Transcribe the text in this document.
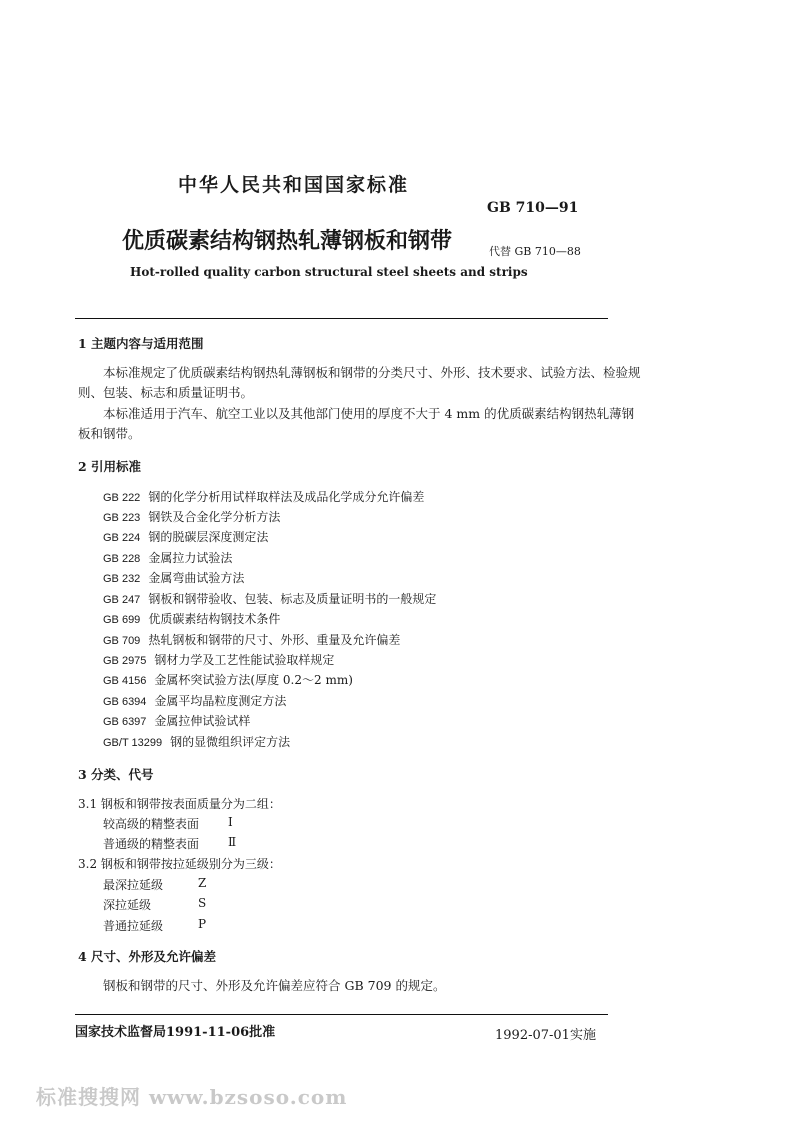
中华人民共和国国家标准
GB 710—91
优质碳素结构钢热轧薄钢板和钢带	代替 GB 710—88
Hot-rolled quality carbon structural steel sheets and strips
1 主题内容与适用范围
本标准规定了优质碳素结构钢热轧薄钢板和钢带的分类尺寸、外形、技术要求、试验方法、检验规
则、包装、标志和质量证明书。
本标准适用于汽车、航空工业以及其他部门使用的厚度不大于 4 mm 的优质碳素结构钢热轧薄钢
板和钢带。
2 引用标准
GB 222 钢的化学分析用试样取样法及成品化学成分允许偏差
GB 223 钢铁及合金化学分析方法
GB 224 钢的脱碳层深度测定法
GB 228 金属拉力试验法
GB 232 金属弯曲试验方法
GB 247 钢板和钢带验收、包装、标志及质量证明书的一般规定
GB 699 优质碳素结构钢技术条件
GB 709 热轧钢板和钢带的尺寸、外形、重量及允许偏差
GB 2975 钢材力学及工艺性能试验取样规定
GB 4156 金属杯突试验方法(厚度 0.2～2 mm)
GB 6394 金属平均晶粒度测定方法
GB 6397 金属拉伸试验试样
GB/T 13299 钢的显微组织评定方法
3 分类、代号
3.1 钢板和钢带按表面质量分为二组：
较高级的精整表面 Ⅰ
普通级的精整表面 Ⅱ
3.2 钢板和钢带按拉延级别分为三级：
最深拉延级	Z
深拉延级	S
普通拉延级	P
4 尺寸、外形及允许偏差
钢板和钢带的尺寸、外形及允许偏差应符合 GB 709 的规定。
国家技术监督局1991-11-06批准	1992-07-01实施
标准搜搜网 www.bzsoso.com
